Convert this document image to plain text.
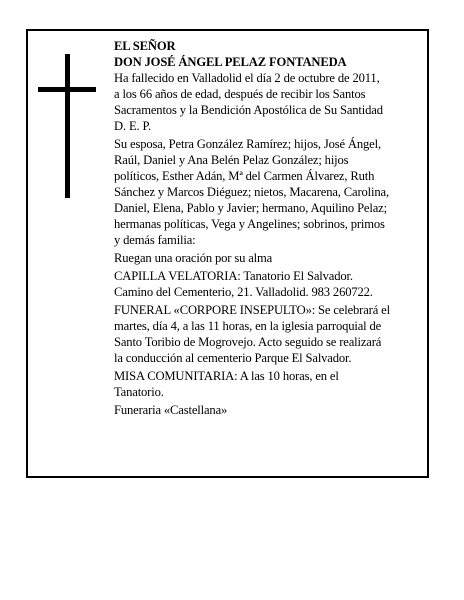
EL SEÑOR
DON JOSÉ ÁNGEL PELAZ FONTANEDA
Ha fallecido en Valladolid el día 2 de octubre de 2011,
a los 66 años de edad, después de recibir los Santos
Sacramentos y la Bendición Apostólica de Su Santidad
D. E. P.
Su esposa, Petra González Ramírez; hijos, José Ángel,
Raúl, Daniel y Ana Belén Pelaz González; hijos
políticos, Esther Adán, Mª del Carmen Álvarez, Ruth
Sánchez y Marcos Diéguez; nietos, Macarena, Carolina,
Daniel, Elena, Pablo y Javier; hermano, Aquilino Pelaz;
hermanas políticas, Vega y Angelines; sobrinos, primos
y demás familia:
Ruegan una oración por su alma
CAPILLA VELATORIA: Tanatorio El Salvador.
Camino del Cementerio, 21. Valladolid. 983 260722.
FUNERAL «CORPORE INSEPULTO»: Se celebrará el
martes, día 4, a las 11 horas, en la iglesia parroquial de
Santo Toribio de Mogrovejo. Acto seguido se realizará
la conducción al cementerio Parque El Salvador.
MISA COMUNITARIA: A las 10 horas, en el
Tanatorio.
Funeraria «Castellana»
